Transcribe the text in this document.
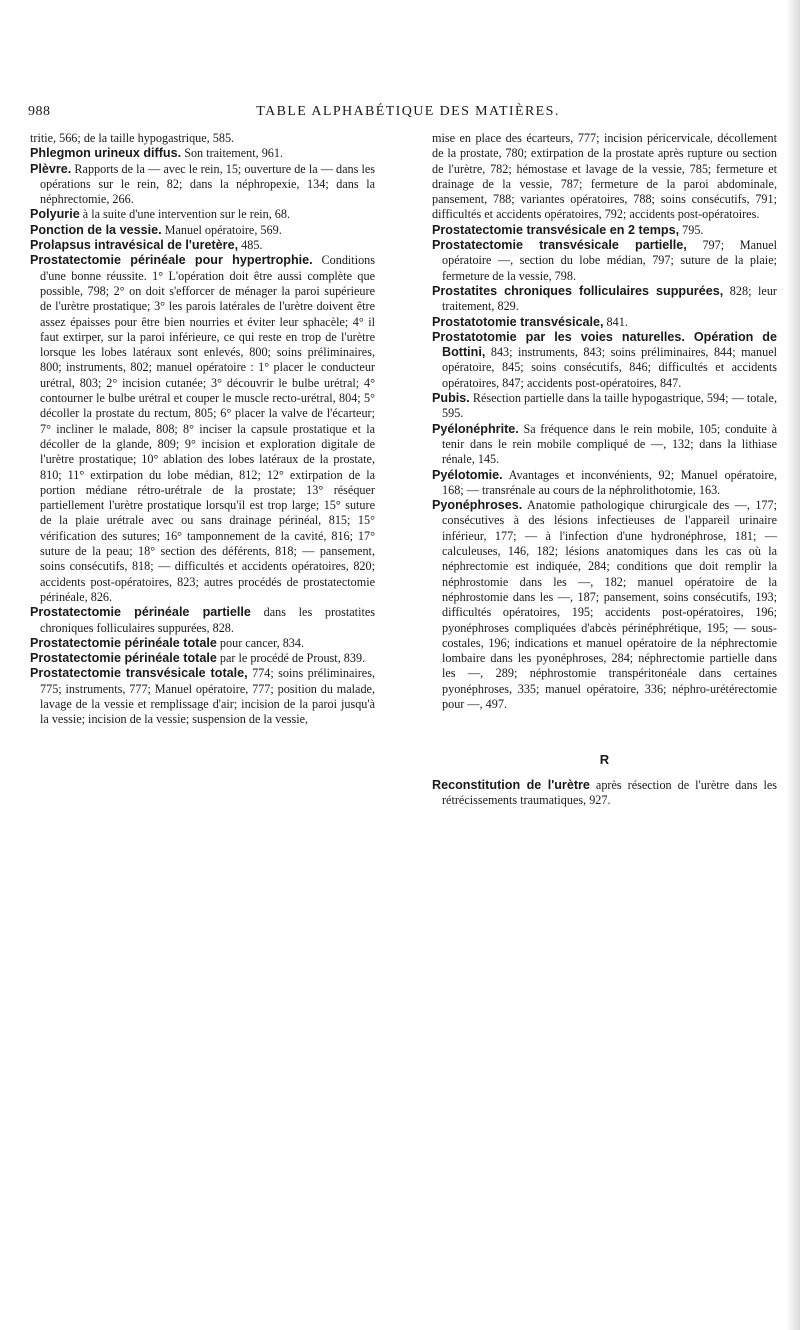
988	TABLE ALPHABÉTIQUE DES MATIÈRES.
tritie, 566; de la taille hypogastrique, 585.
Phlegmon urineux diffus. Son traitement, 961.
Plèvre. Rapports de la — avec le rein, 15; ouverture de la — dans les opérations sur le rein, 82; dans la néphropexie, 134; dans la néphrectomie, 266.
Polyurie à la suite d'une intervention sur le rein, 68.
Ponction de la vessie. Manuel opératoire, 569.
Prolapsus intravésical de l'uretère, 485.
Prostatectomie périnéale pour hypertrophie. Conditions d'une bonne réussite. 1° L'opération doit être aussi complète que possible, 798; 2° on doit s'efforcer de ménager la paroi supérieure de l'urètre prostatique; 3° les parois latérales de l'urètre doivent être assez épaisses pour être bien nourries et éviter leur sphacèle; 4° il faut extirper, sur la paroi inférieure, ce qui reste en trop de l'urètre lorsque les lobes latéraux sont enlevés, 800; soins préliminaires, 800; instruments, 802; manuel opératoire : 1° placer le conducteur urétral, 803; 2° incision cutanée; 3° découvrir le bulbe urétral; 4° contourner le bulbe urétral et couper le muscle recto-urétral, 804; 5° décoller la prostate du rectum, 805; 6° placer la valve de l'écarteur; 7° incliner le malade, 808; 8° inciser la capsule prostatique et la décoller de la glande, 809; 9° incision et exploration digitale de l'urètre prostatique; 10° ablation des lobes latéraux de la prostate, 810; 11° extirpation du lobe médian, 812; 12° extirpation de la portion médiane rétro-urétrale de la prostate; 13° réséquer partiellement l'urètre prostatique lorsqu'il est trop large; 15° suture de la plaie urétrale avec ou sans drainage périnéal, 815; 15° vérification des sutures; 16° tamponnement de la cavité, 816; 17° suture de la peau; 18° section des déférents, 818; — pansement, soins consécutifs, 818; — difficultés et accidents opératoires, 820; accidents post-opératoires, 823; autres procédés de prostatectomie périnéale, 826.
Prostatectomie périnéale partielle dans les prostatites chroniques folliculaires suppurées, 828.
Prostatectomie périnéale totale pour cancer, 834.
Prostatectomie périnéale totale par le procédé de Proust, 839.
Prostatectomie transvésicale totale, 774; soins préliminaires, 775; instruments, 777; Manuel opératoire, 777; position du malade, lavage de la vessie et remplissage d'air; incision de la paroi jusqu'à la vessie; incision de la vessie; suspension de la vessie,
mise en place des écarteurs, 777; incision péricervicale, décollement de la prostate, 780; extirpation de la prostate après rupture ou section de l'urètre, 782; hémostase et lavage de la vessie, 785; fermeture et drainage de la vessie, 787; fermeture de la paroi abdominale, pansement, 788; variantes opératoires, 788; soins consécutifs, 791; difficultés et accidents opératoires, 792; accidents post-opératoires.
Prostatectomie transvésicale en 2 temps, 795.
Prostatectomie transvésicale partielle, 797; Manuel opératoire —, section du lobe médian, 797; suture de la plaie; fermeture de la vessie, 798.
Prostatites chroniques folliculaires suppurées, 828; leur traitement, 829.
Prostatotomie transvésicale, 841.
Prostatotomie par les voies naturelles. Opération de Bottini, 843; instruments, 843; soins préliminaires, 844; manuel opératoire, 845; soins consécutifs, 846; difficultés et accidents opératoires, 847; accidents post-opératoires, 847.
Pubis. Résection partielle dans la taille hypogastrique, 594; — totale, 595.
Pyélonéphrite. Sa fréquence dans le rein mobile, 105; conduite à tenir dans le rein mobile compliqué de —, 132; dans la lithiase rénale, 145.
Pyélotomie. Avantages et inconvénients, 92; Manuel opératoire, 168; — transrénale au cours de la néphrolithotomie, 163.
Pyonéphroses. Anatomie pathologique chirurgicale des —, 177; consécutives à des lésions infectieuses de l'appareil urinaire inférieur, 177; — à l'infection d'une hydronéphrose, 181; — calculeuses, 146, 182; lésions anatomiques dans les cas où la néphrectomie est indiquée, 284; conditions que doit remplir la néphrostomie dans les —, 182; manuel opératoire de la néphrostomie dans les —, 187; pansement, soins consécutifs, 193; difficultés opératoires, 195; accidents post-opératoires, 196; pyonéphroses compliquées d'abcès périnéphrétique, 195; — sous-costales, 196; indications et manuel opératoire de la néphrectomie lombaire dans les pyonéphroses, 284; néphrectomie partielle dans les —, 289; néphrostomie transpéritonéale dans certaines pyonéphroses, 335; manuel opératoire, 336; néphro-urétérectomie pour —, 497.
R
Reconstitution de l'urètre après résection de l'urètre dans les rétrécissements traumatiques, 927.
